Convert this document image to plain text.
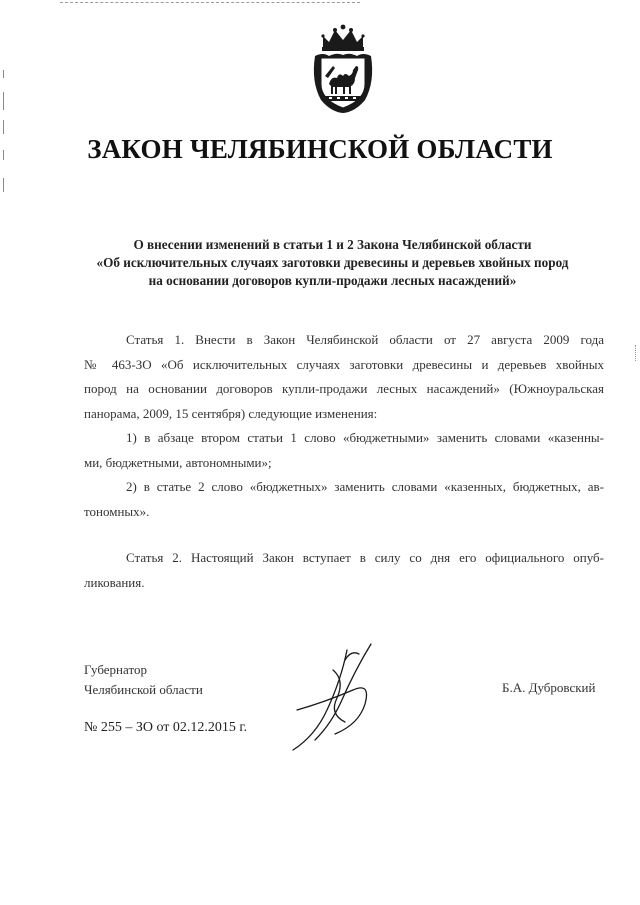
ЗАКОН ЧЕЛЯБИНСКОЙ ОБЛАСТИ
О внесении изменений в статьи 1 и 2 Закона Челябинской области
«Об исключительных случаях заготовки древесины и деревьев хвойных пород
на основании договоров купли-продажи лесных насаждений»
Статья 1. Внести в Закон Челябинской области от 27 августа 2009 года
№ 463-ЗО «Об исключительных случаях заготовки древесины и деревьев хвойных
пород на основании договоров купли-продажи лесных насаждений» (Южноуральская
панорама, 2009, 15 сентября) следующие изменения:
1) в абзаце втором статьи 1 слово «бюджетными» заменить словами «казенны-
ми, бюджетными, автономными»;
2) в статье 2 слово «бюджетных» заменить словами «казенных, бюджетных, ав-
тономных».
Статья 2. Настоящий Закон вступает в силу со дня его официального опуб-
ликования.
Губернатор
Челябинской области	Б.А. Дубровский
№ 255 – ЗО от 02.12.2015 г.
